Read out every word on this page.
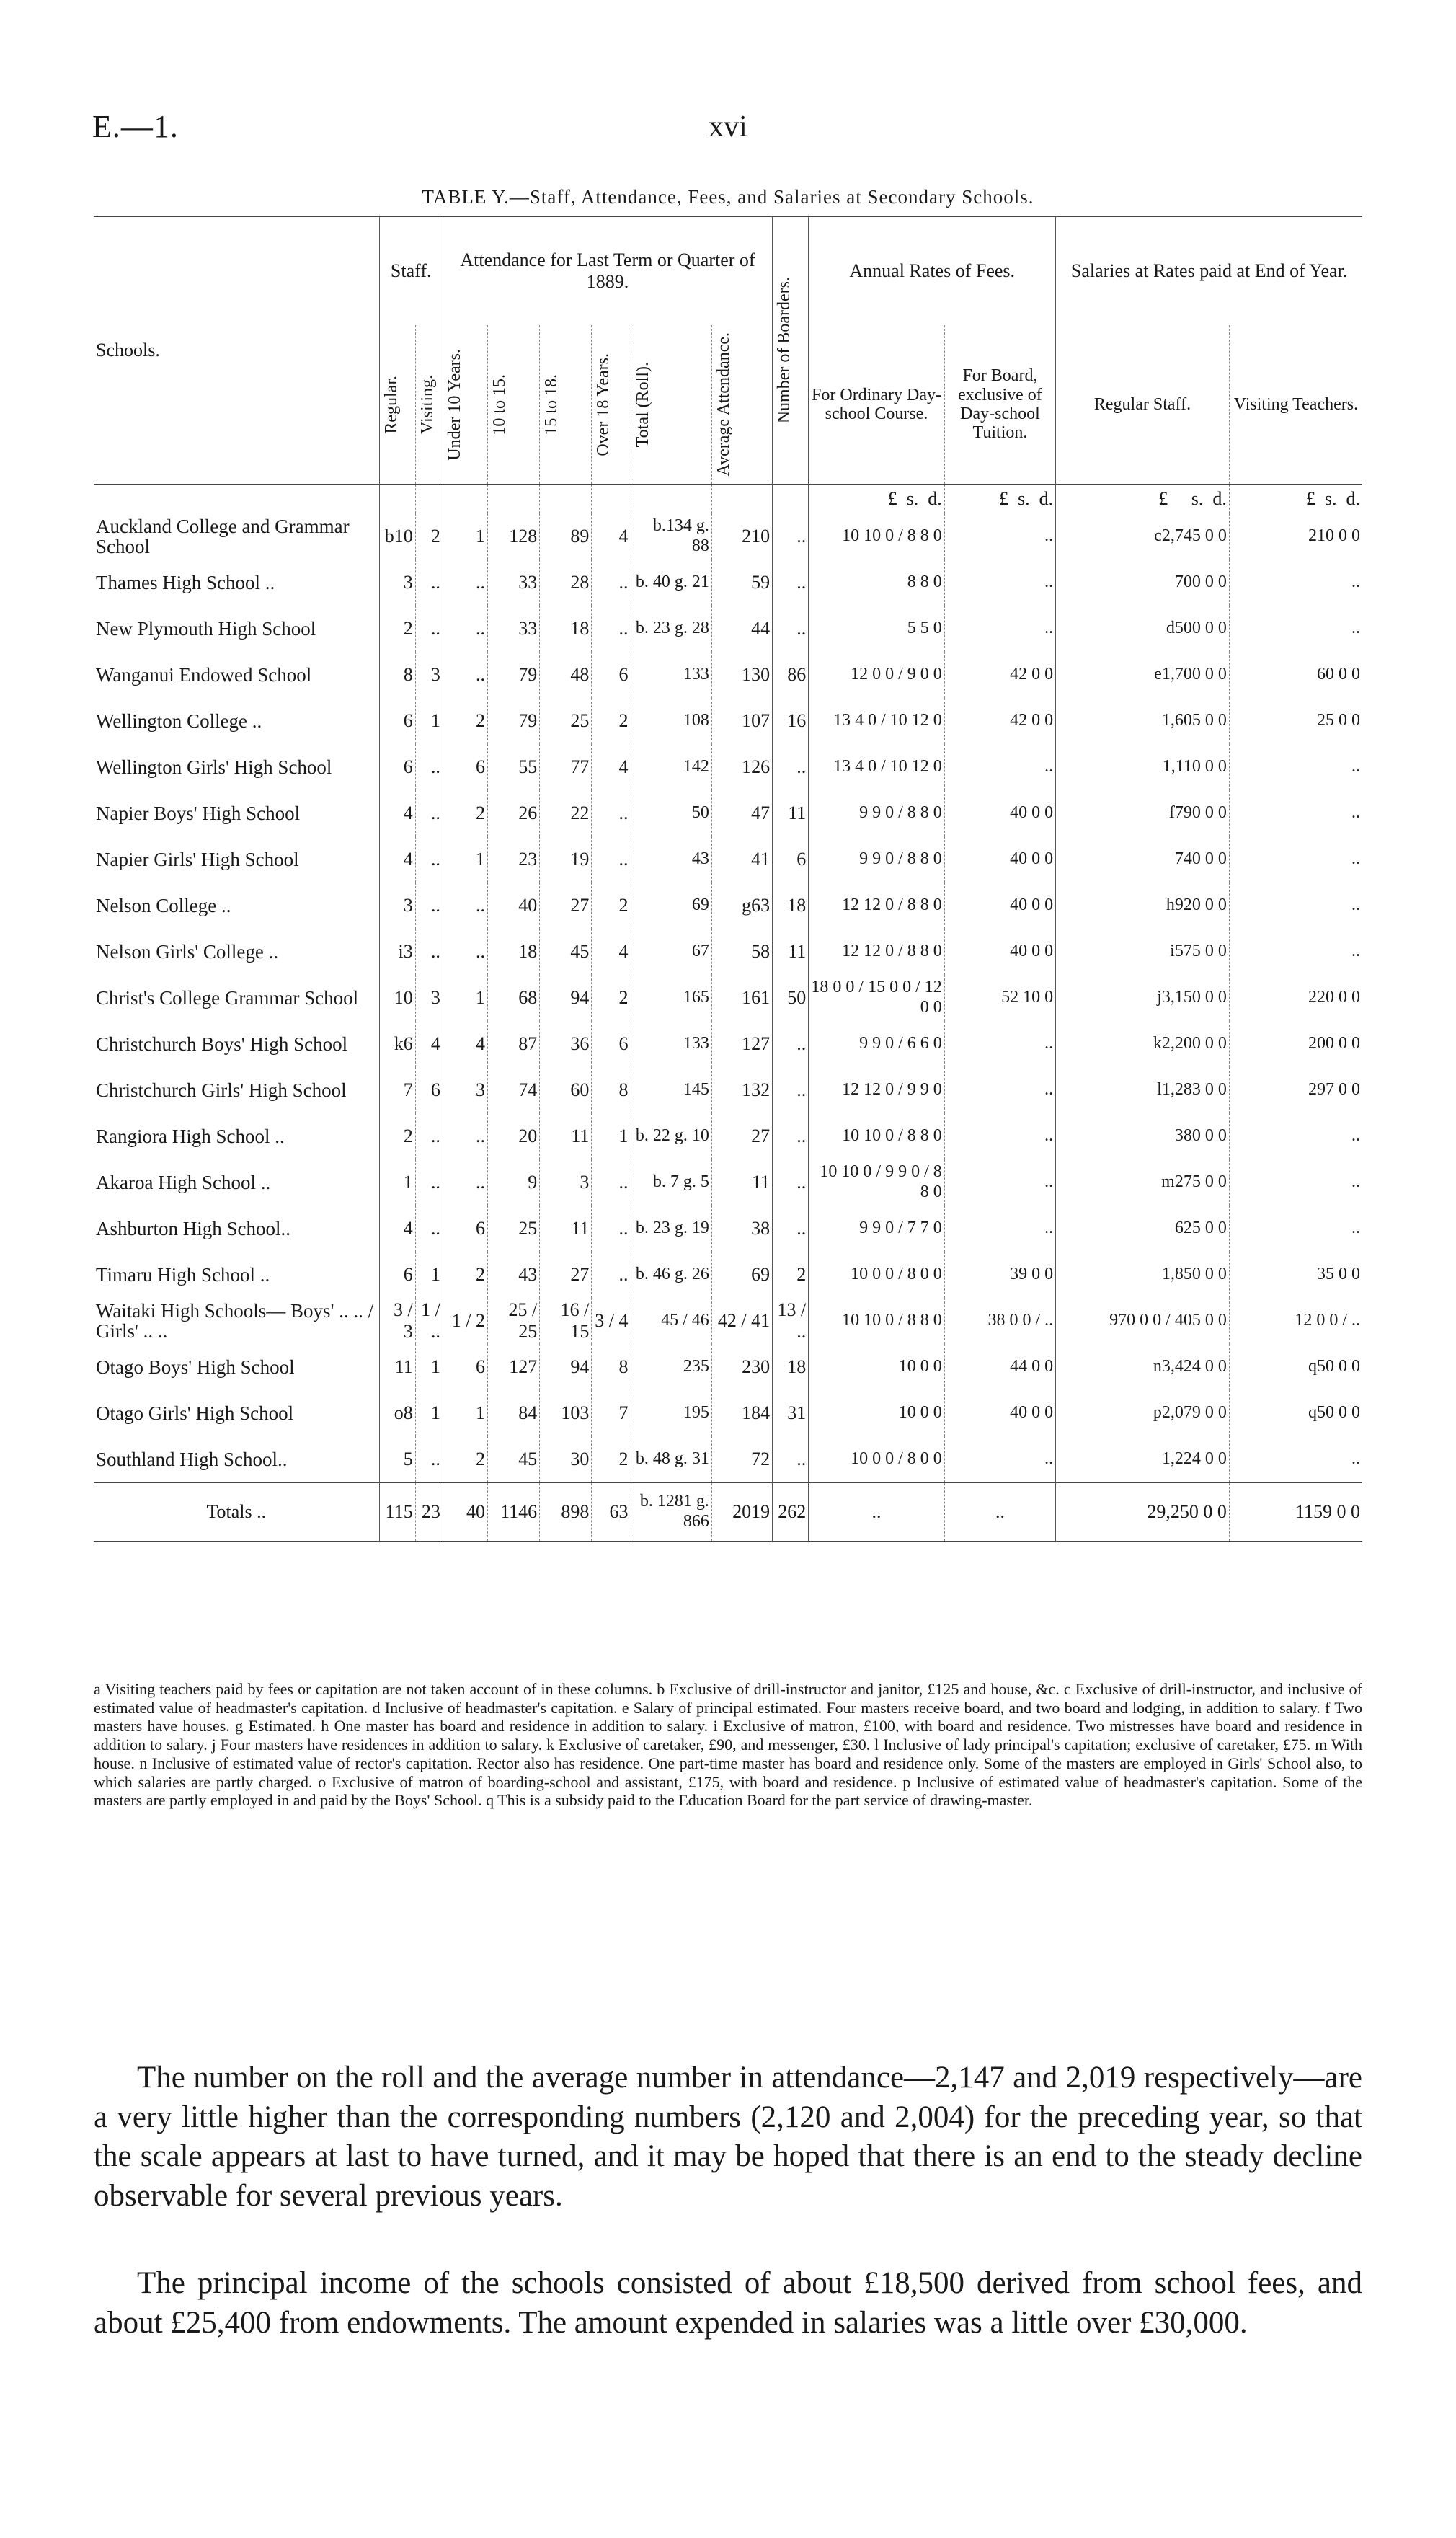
E.—1.	xvi
TABLE Y.—Staff, Attendance, Fees, and Salaries at Secondary Schools.
Schools.	Staff.		Attendance for Last Term or Quarter of 1889.						Number of Boarders.	Annual Rates of Fees.		Salaries at Rates paid at End of Year.	

	Regular.	Visiting.	Under 10 Years.	10 to 15.	15 to 18.	Over 18 Years.	Total (Roll).	Average Attendance.		For Ordinary Day-school Course.	For Board, exclusive of Day-school Tuition.	Regular Staff.	Visiting Teachers.
										£ s. d.	£ s. d.	£ s. d.	£ s. d.
Auckland College and Grammar School	b10	2	1	128	89	4	b.134 g. 88	210	..	10 10 0 / 8 8 0	..	c2,745 0 0	210 0 0
Thames High School ..	3	..	..	33	28	..	b. 40 g. 21	59	..	8 8 0	..	700 0 0	..
New Plymouth High School	2	..	..	33	18	..	b. 23 g. 28	44	..	5 5 0	..	d500 0 0	..
Wanganui Endowed School	8	3	..	79	48	6	133	130	86	12 0 0 / 9 0 0	42 0 0	e1,700 0 0	60 0 0
Wellington College ..	6	1	2	79	25	2	108	107	16	13 4 0 / 10 12 0	42 0 0	1,605 0 0	25 0 0
Wellington Girls' High School	6	..	6	55	77	4	142	126	..	13 4 0 / 10 12 0	..	1,110 0 0	..
Napier Boys' High School	4	..	2	26	22	..	50	47	11	9 9 0 / 8 8 0	40 0 0	f790 0 0	..
Napier Girls' High School	4	..	1	23	19	..	43	41	6	9 9 0 / 8 8 0	40 0 0	740 0 0	..
Nelson College ..	3	..	..	40	27	2	69	g63	18	12 12 0 / 8 8 0	40 0 0	h920 0 0	..
Nelson Girls' College ..	i3	..	..	18	45	4	67	58	11	12 12 0 / 8 8 0	40 0 0	i575 0 0	..
Christ's College Grammar School	10	3	1	68	94	2	165	161	50	18 0 0 / 15 0 0 / 12 0 0	52 10 0	j3,150 0 0	220 0 0
Christchurch Boys' High School	k6	4	4	87	36	6	133	127	..	9 9 0 / 6 6 0	..	k2,200 0 0	200 0 0
Christchurch Girls' High School	7	6	3	74	60	8	145	132	..	12 12 0 / 9 9 0	..	l1,283 0 0	297 0 0
Rangiora High School ..	2	..	..	20	11	1	b. 22 g. 10	27	..	10 10 0 / 8 8 0	..	380 0 0	..
Akaroa High School ..	1	..	..	9	3	..	b. 7 g. 5	11	..	10 10 0 / 9 9 0 / 8 8 0	..	m275 0 0	..
Ashburton High School..	4	..	6	25	11	..	b. 23 g. 19	38	..	9 9 0 / 7 7 0	..	625 0 0	..
Timaru High School ..	6	1	2	43	27	..	b. 46 g. 26	69	2	10 0 0 / 8 0 0	39 0 0	1,850 0 0	35 0 0
Waitaki High Schools— Boys' .. .. / Girls' .. ..	3 / 3	1 / ..	1 / 2	25 / 25	16 / 15	3 / 4	45 / 46	42 / 41	13 / ..	10 10 0 / 8 8 0	38 0 0 / ..	970 0 0 / 405 0 0	12 0 0 / ..
Otago Boys' High School	11	1	6	127	94	8	235	230	18	10 0 0	44 0 0	n3,424 0 0	q50 0 0
Otago Girls' High School	o8	1	1	84	103	7	195	184	31	10 0 0	40 0 0	p2,079 0 0	q50 0 0
Southland High School..	5	..	2	45	30	2	b. 48 g. 31	72	..	10 0 0 / 8 0 0	..	1,224 0 0	..
Totals ..	115	23	40	1146	898	63	b. 1281 g. 866	2019	262	..	..	29,250 0 0	1159 0 0

a Visiting teachers paid by fees or capitation are not taken account of in these columns. b Exclusive of drill-instructor and janitor, £125 and house, &c. c Exclusive of drill-instructor, and inclusive of estimated value of headmaster's capitation. d Inclusive of headmaster's capitation. e Salary of principal estimated. Four masters receive board, and two board and lodging, in addition to salary. f Two masters have houses. g Estimated. h One master has board and residence in addition to salary. i Exclusive of matron, £100, with board and residence. Two mistresses have board and residence in addition to salary. j Four masters have residences in addition to salary. k Exclusive of caretaker, £90, and messenger, £30. l Inclusive of lady principal's capitation; exclusive of caretaker, £75. m With house. n Inclusive of estimated value of rector's capitation. Rector also has residence. One part-time master has board and residence only. Some of the masters are employed in Girls' School also, to which salaries are partly charged. o Exclusive of matron of boarding-school and assistant, £175, with board and residence. p Inclusive of estimated value of headmaster's capitation. Some of the masters are partly employed in and paid by the Boys' School. q This is a subsidy paid to the Education Board for the part service of drawing-master.

The number on the roll and the average number in attendance—2,147 and 2,019 respectively—are a very little higher than the corresponding numbers (2,120 and 2,004) for the preceding year, so that the scale appears at last to have turned, and it may be hoped that there is an end to the steady decline observable for several previous years.
The principal income of the schools consisted of about £18,500 derived from school fees, and about £25,400 from endowments. The amount expended in salaries was a little over £30,000.
